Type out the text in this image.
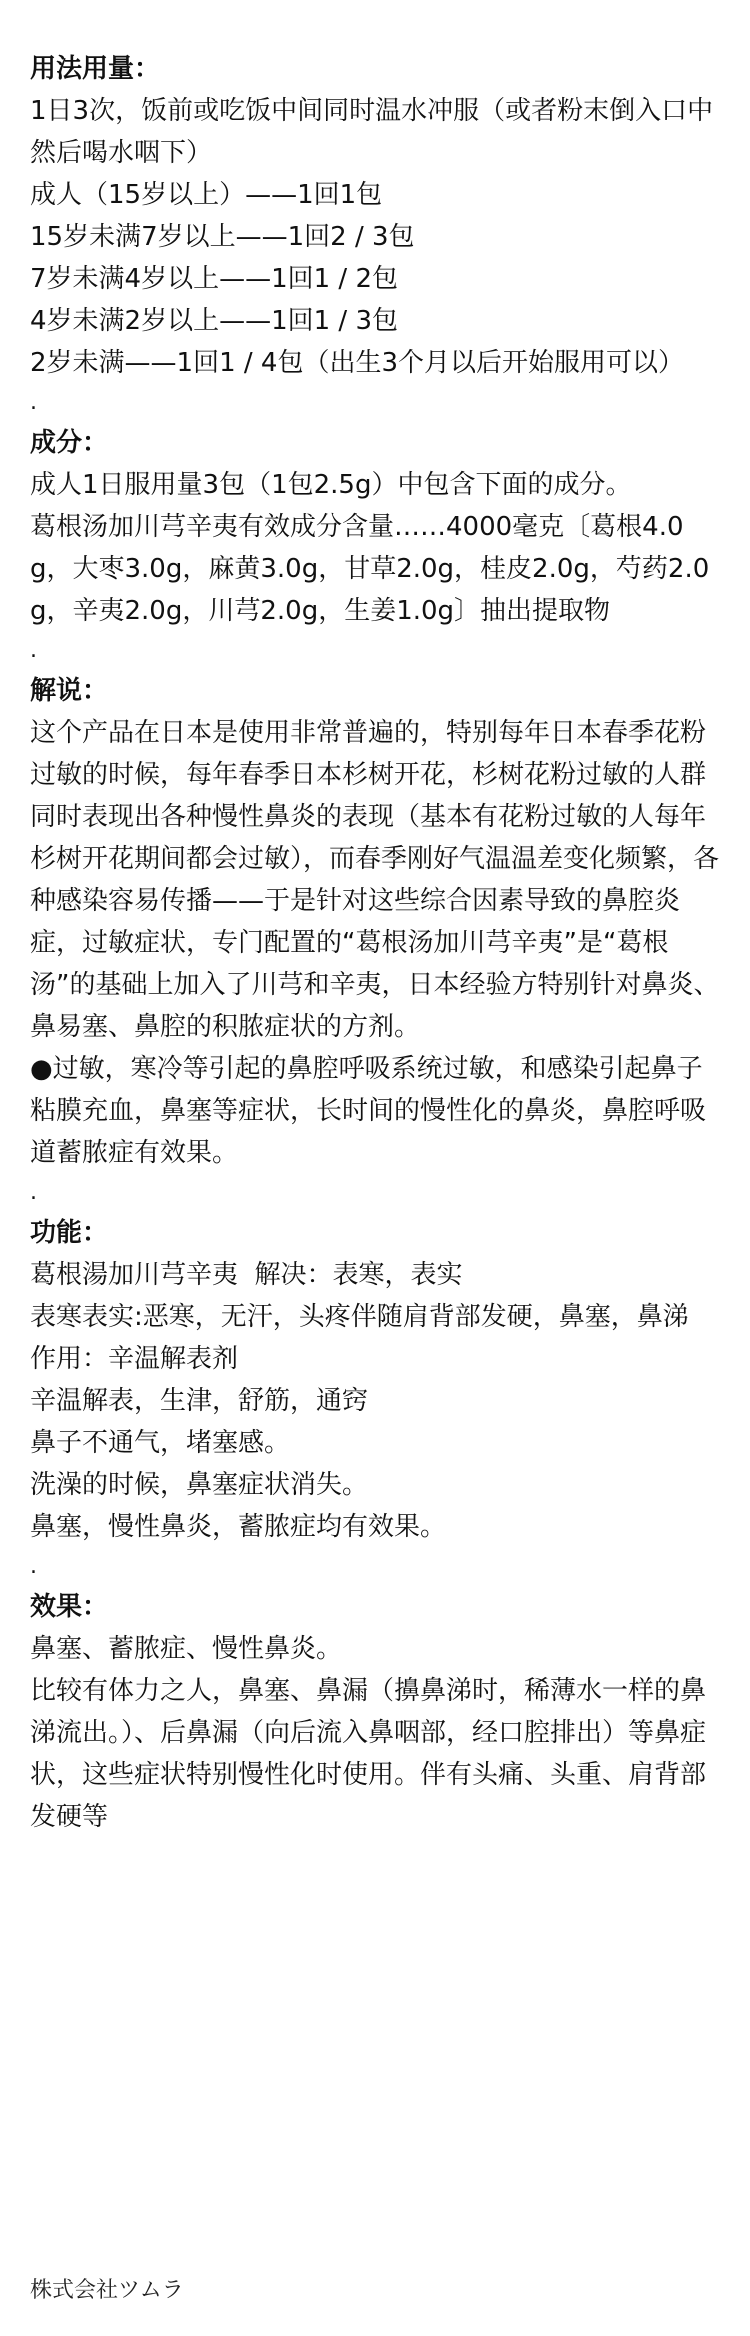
用法用量：

1日3次，饭前或吃饭中间同时温水冲服（或者粉末倒入口中然后喝水咽下）

成人（15岁以上）——1回1包

15岁未满7岁以上——1回2 / 3包

7岁未满4岁以上——1回1 / 2包

4岁未满2岁以上——1回1 / 3包

2岁未满——1回1 / 4包（出生3个月以后开始服用可以）

.

成分：

成人1日服用量3包（1包2.5g）中包含下面的成分。

葛根汤加川芎辛夷有效成分含量……4000毫克〔葛根4.0g，大枣3.0g，麻黄3.0g，甘草2.0g，桂皮2.0g，芍药2.0g，辛夷2.0g，川芎2.0g，生姜1.0g〕抽出提取物

.

解说：

这个产品在日本是使用非常普遍的，特别每年日本春季花粉过敏的时候，每年春季日本杉树开花，杉树花粉过敏的人群同时表现出各种慢性鼻炎的表现（基本有花粉过敏的人每年杉树开花期间都会过敏），而春季刚好气温温差变化频繁，各种感染容易传播——于是针对这些综合因素导致的鼻腔炎症，过敏症状，专门配置的“葛根汤加川芎辛夷”是“葛根汤”的基础上加入了川芎和辛夷，日本经验方特别针对鼻炎、鼻易塞、鼻腔的积脓症状的方剂。

●过敏，寒冷等引起的鼻腔呼吸系统过敏，和感染引起鼻子粘膜充血，鼻塞等症状，长时间的慢性化的鼻炎，鼻腔呼吸道蓄脓症有效果。

.

功能：

葛根湯加川芎辛夷  解决：表寒，表实

表寒表实:恶寒，无汗，头疼伴随肩背部发硬，鼻塞，鼻涕

作用：辛温解表剂

辛温解表，生津，舒筋，通窍

鼻子不通气，堵塞感。

洗澡的时候，鼻塞症状消失。

鼻塞，慢性鼻炎，蓄脓症均有效果。

.

效果：

鼻塞、蓄脓症、慢性鼻炎。

比较有体力之人，鼻塞、鼻漏（擤鼻涕时，稀薄水一样的鼻涕流出。）、后鼻漏（向后流入鼻咽部，经口腔排出）等鼻症状，这些症状特别慢性化时使用。伴有头痛、头重、肩背部发硬等

株式会社ツムラ
